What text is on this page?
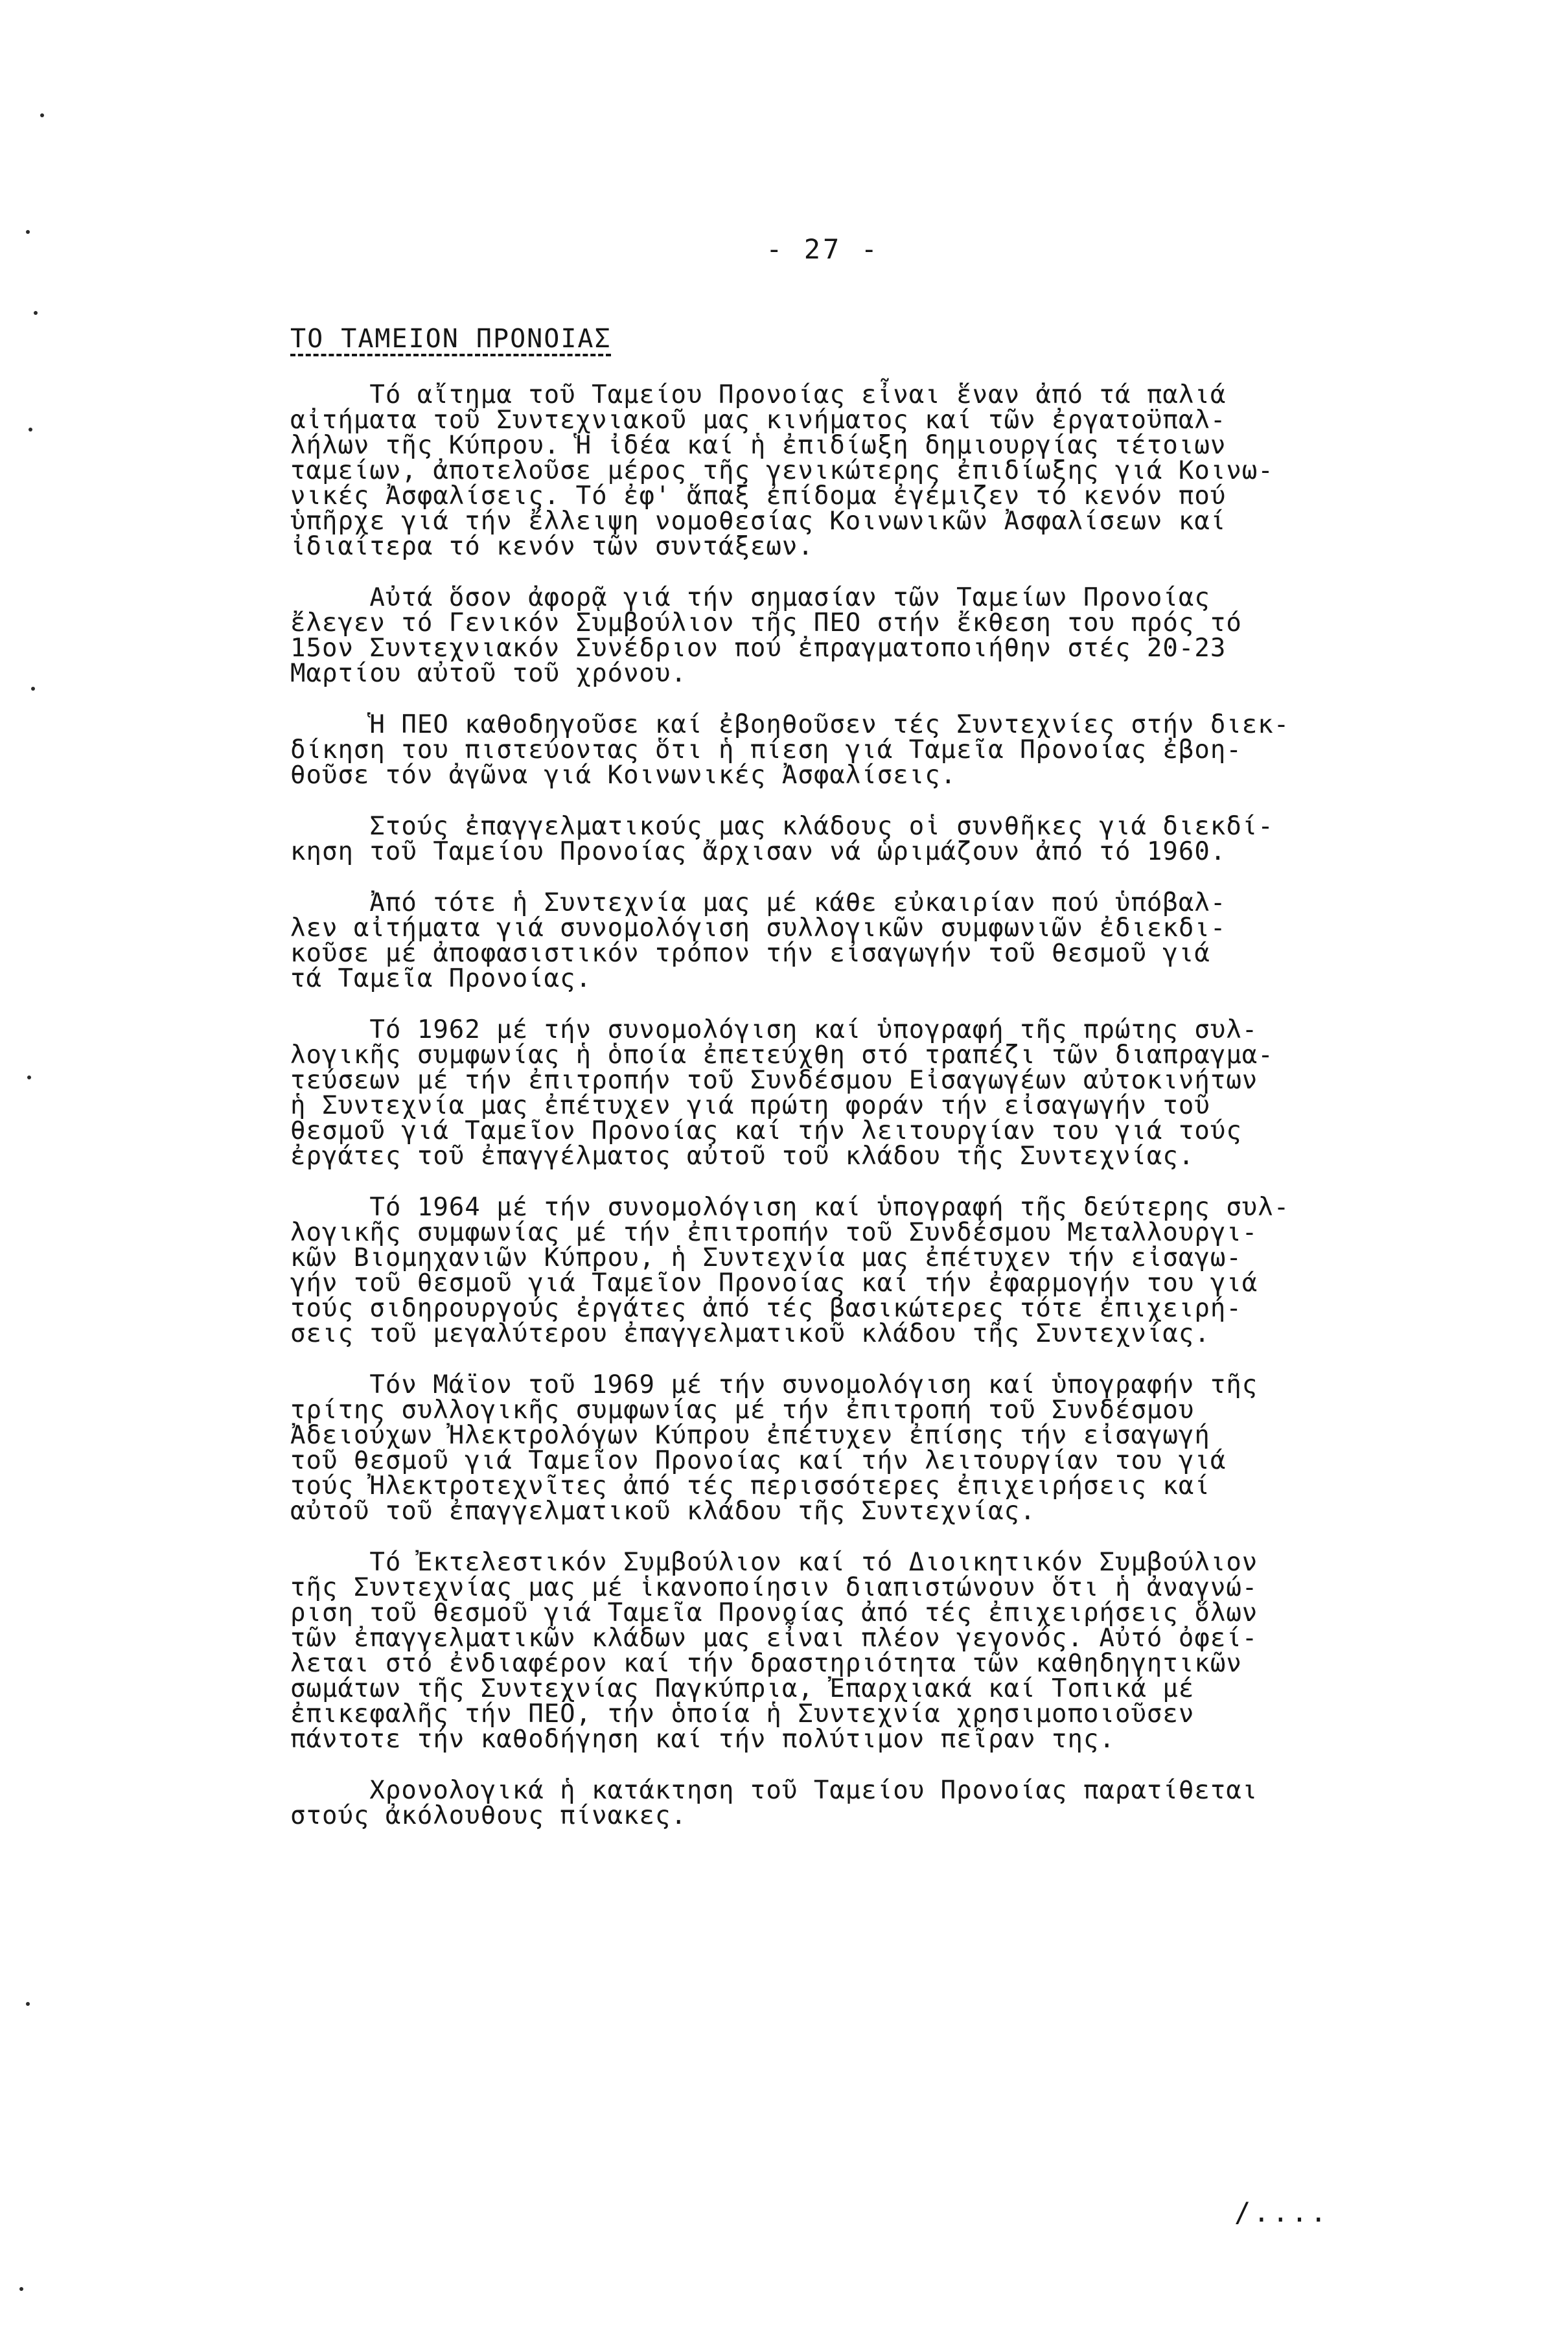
- 27 -
ΤΟ ΤΑΜΕΙΟΝ ΠΡΟΝΟΙΑΣ
Τό αἴτημα τοῦ Ταμείου Προνοίας εἶναι ἕναν ἀπό τά παλιά
αἰτήματα τοῦ Συντεχνιακοῦ μας κινήματος καί τῶν ἐργατοϋπαλ-
λήλων τῆς Κύπρου. Ἡ ἰδέα καί ἡ ἐπιδίωξη δημιουργίας τέτοιων
ταμείων, ἀποτελοῦσε μέρος τῆς γενικώτερης ἐπιδίωξης γιά Κοινω-
νικές Ἀσφαλίσεις. Τό ἐφ' ἅπαξ ἐπίδομα ἐγέμιζεν τό κενόν πού
ὑπῆρχε γιά τήν ἔλλειψη νομοθεσίας Κοινωνικῶν Ἀσφαλίσεων καί
ἰδιαίτερα τό κενόν τῶν συντάξεων.
Αὐτά ὅσον ἀφορᾷ γιά τήν σημασίαν τῶν Ταμείων Προνοίας
ἔλεγεν τό Γενικόν Συμβούλιον τῆς ΠΕΟ στήν ἔκθεση του πρός τό
15ον Συντεχνιακόν Συνέδριον πού ἐπραγματοποιήθην στές 20-23
Μαρτίου αὐτοῦ τοῦ χρόνου.
Ἡ ΠΕΟ καθοδηγοῦσε καί ἐβοηθοῦσεν τές Συντεχνίες στήν διεκ-
δίκηση του πιστεύοντας ὅτι ἡ πίεση γιά Ταμεῖα Προνοίας ἐβοη-
θοῦσε τόν ἀγῶνα γιά Κοινωνικές Ἀσφαλίσεις.
Στούς ἐπαγγελματικούς μας κλάδους οἱ συνθῆκες γιά διεκδί-
κηση τοῦ Ταμείου Προνοίας ἄρχισαν νά ὡριμάζουν ἀπό τό 1960.
Ἀπό τότε ἡ Συντεχνία μας μέ κάθε εὐκαιρίαν πού ὑπόβαλ-
λεν αἰτήματα γιά συνομολόγιση συλλογικῶν συμφωνιῶν ἐδιεκδι-
κοῦσε μέ ἀποφασιστικόν τρόπον τήν εἰσαγωγήν τοῦ θεσμοῦ γιά
τά Ταμεῖα Προνοίας.
Τό 1962 μέ τήν συνομολόγιση καί ὑπογραφή τῆς πρώτης συλ-
λογικῆς συμφωνίας ἡ ὁποία ἐπετεύχθη στό τραπέζι τῶν διαπραγμα-
τεύσεων μέ τήν ἐπιτροπήν τοῦ Συνδέσμου Εἰσαγωγέων αὐτοκινήτων
ἡ Συντεχνία μας ἐπέτυχεν γιά πρώτη φοράν τήν εἰσαγωγήν τοῦ
θεσμοῦ γιά Ταμεῖον Προνοίας καί τήν λειτουργίαν του γιά τούς
ἐργάτες τοῦ ἐπαγγέλματος αὐτοῦ τοῦ κλάδου τῆς Συντεχνίας.
Τό 1964 μέ τήν συνομολόγιση καί ὑπογραφή τῆς δεύτερης συλ-
λογικῆς συμφωνίας μέ τήν ἐπιτροπήν τοῦ Συνδέσμου Μεταλλουργι-
κῶν Βιομηχανιῶν Κύπρου, ἡ Συντεχνία μας ἐπέτυχεν τήν εἰσαγω-
γήν τοῦ θεσμοῦ γιά Ταμεῖον Προνοίας καί τήν ἐφαρμογήν του γιά
τούς σιδηρουργούς ἐργάτες ἀπό τές βασικώτερες τότε ἐπιχειρή-
σεις τοῦ μεγαλύτερου ἐπαγγελματικοῦ κλάδου τῆς Συντεχνίας.
Τόν Μάϊον τοῦ 1969 μέ τήν συνομολόγιση καί ὑπογραφήν τῆς
τρίτης συλλογικῆς συμφωνίας μέ τήν ἐπιτροπή τοῦ Συνδέσμου
Ἀδειούχων Ἠλεκτρολόγων Κύπρου ἐπέτυχεν ἐπίσης τήν εἰσαγωγή
τοῦ θεσμοῦ γιά Ταμεῖον Προνοίας καί τήν λειτουργίαν του γιά
τούς Ἠλεκτροτεχνῖτες ἀπό τές περισσότερες ἐπιχειρήσεις καί
αὐτοῦ τοῦ ἐπαγγελματικοῦ κλάδου τῆς Συντεχνίας.
Τό Ἐκτελεστικόν Συμβούλιον καί τό Διοικητικόν Συμβούλιον
τῆς Συντεχνίας μας μέ ἱκανοποίησιν διαπιστώνουν ὅτι ἡ ἀναγνώ-
ριση τοῦ θεσμοῦ γιά Ταμεῖα Προνοίας ἀπό τές ἐπιχειρήσεις ὅλων
τῶν ἐπαγγελματικῶν κλάδων μας εἶναι πλέον γεγονός. Αὐτό ὀφεί-
λεται στό ἐνδιαφέρον καί τήν δραστηριότητα τῶν καθηδηγητικῶν
σωμάτων τῆς Συντεχνίας Παγκύπρια, Ἐπαρχιακά καί Τοπικά μέ
ἐπικεφαλῆς τήν ΠΕΟ, τήν ὁποία ἡ Συντεχνία χρησιμοποιοῦσεν
πάντοτε τήν καθοδήγηση καί τήν πολύτιμον πεῖραν της.
Χρονολογικά ἡ κατάκτηση τοῦ Ταμείου Προνοίας παρατίθεται
στούς ἀκόλουθους πίνακες.
/....
